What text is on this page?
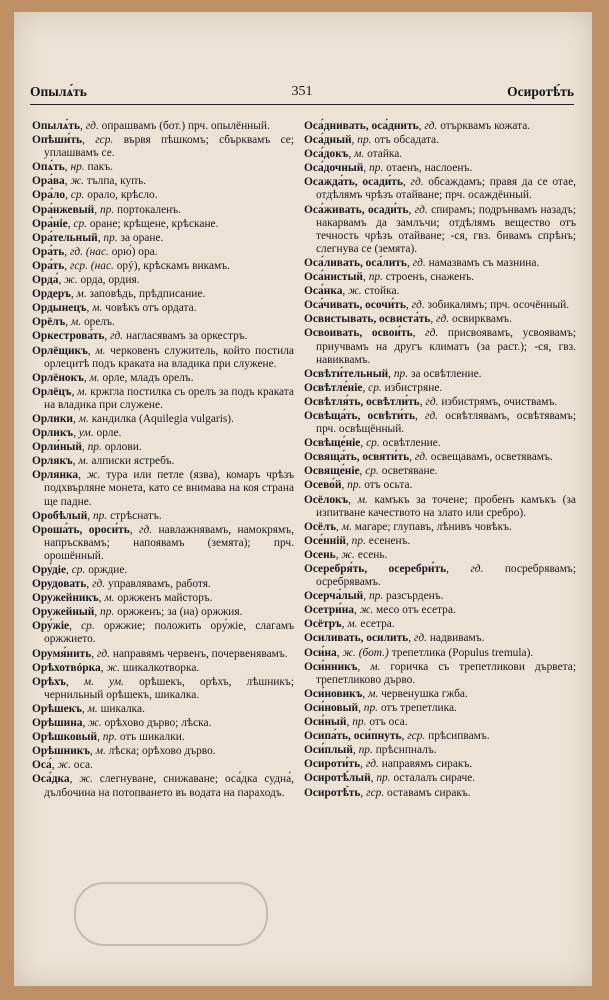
Опылѧ́ть	351	Осиротѣ́ть
Опылѧ́ть, гд. опрашвамъ (бот.) прч. опылённый.
Опѣши́ть, гср. вървя пѣшкомъ; сбърквамъ се; уплашвамъ се.
Опѧ́ть, нр. пакъ.
Ора́ва, ж. тълпа, купъ.
Ора́ло, ср. орало, крѣсло.
Ора́нжевый, пр. портокаленъ.
Ора́ніе, ср. оране; крѣщене, крѣскане.
Ора́тельный, пр. за оране.
Ора́ть, гд. (нас. орю́) ора.
Ора́ть, гср. (нас. орý), крѣскамъ викамъ.
Орда́, ж. орда, ордия.
Ордеръ, м. заповѣдь, прѣдписание.
Ордынецъ, м. човѣкъ отъ ордата.
Орёлъ, м. орелъ.
Оркестрова́ть, гд. нагласявамъ за оркестръ.
Орлёщикъ, м. черковенъ служитель, който постила орлецитѣ подъ краката на владика при служене.
Орлёнокъ, м. орле, младъ орелъ.
Орлёцъ, м. кржгла постилка съ орелъ за подъ краката на владика при служене.
Орлики, м. кандилка (Aquilegia vulgaris).
Орликъ, ум. орле.
Орли́ный, пр. орлови.
Орлякъ, м. алписки ястребъ.
Орлянка, ж. тура или петле (язва), комаръ чрѣзъ подхвърляне монета, като се внимава на коя страна ще падне.
Оробѣлый, пр. стрѣснатъ.
Ороша́ть, ороси́ть, гд. навлажнявамъ, намокрямъ, напръсквамъ; напоявамъ (земята); прч. орошённый.
Ору́діе, ср. орждие.
Орудовать, гд. управлявамъ, работя.
Оружейникъ, м. оржженъ майсторъ.
Оружейный, пр. оржженъ; за (на) оржжия.
Ору́жіе, ср. оржжие; положить ору́жіе, слагамъ оржжието.
Орумя́нить, гд. направямъ червенъ, почервенявамъ.
Орѣхотвóрка, ж. шикалкотворка.
Орѣхъ, м. ум. орѣшекъ, орѣхъ, лѣшникъ; чернильный орѣшекъ, шикалка.
Орѣшекъ, м. шикалка.
Орѣшина, ж. орѣхово дърво; лѣска.
Орѣшковый, пр. отъ шикалки.
Орѣшникъ, м. лѣска; орѣхово дърво.
Оса́, ж. оса.
Оса́дка, ж. слегнуване, снижаване; оса́дка судна́, дълбочина на потопването въ водата на параходъ.
Оса́днивать, оса́днить, гд. отърквамъ кожата.
Оса́дный, пр. отъ обсадата.
Оса́докъ, м. отайка.
Оса́дочный, пр. отаенъ, наслоенъ.
Осажда́ть, осади́ть, гд. обсаждамъ; правя да се отае, отдѣлямъ чрѣзъ отайване; прч. осаждённый.
Оса́живать, осади́ть, гд. спирамъ; подрънвамъ назадъ; накарвамъ да замлъчи; отдѣлямъ вещество отъ течность чрѣзъ отайване; -ся, гвз. бивамъ спрѣнъ; слегнува се (земята).
Оса́ливать, оса́лить, гд. намазвамъ съ мазнина.
Оса́нистый, пр. строенъ, снаженъ.
Оса́нка, ж. стойка.
Оса́чивать, осочи́ть, гд. зобикалямъ; прч. осочённый.
Освистывать, освиста́ть, гд. освирквамъ.
Освоивать, освои́ть, гд. присвоявамъ, усвоявамъ; приучвамъ на другъ климатъ (за раст.); -ся, гвз. навиквамъ.
Освѣти́тельный, пр. за освѣтление.
Освѣтле́ніе, ср. избистряне.
Освѣтля́ть, освѣтли́ть, гд. избистрямъ, очиствамъ.
Освѣща́ть, освѣти́ть, гд. освѣтлявамъ, освѣтявамъ; прч. освѣщённый.
Освѣще́ніе, ср. освѣтление.
Освяща́ть, освяти́ть, гд. освещавамъ, осветявамъ.
Освяще́ніе, ср. осветяване.
Осево́й, пр. отъ осьта.
Осёлокъ, м. камъкъ за точене; пробенъ камъкъ (за изпитване качеството на злато или сребро).
Осёлъ, м. магаре; глупавъ, лѣнивъ човѣкъ.
Осе́нній, пр. есененъ.
Осень, ж. есень.
Осеребря́ть, осеребри́ть, гд. посребрявамъ; осребрявамъ.
Осерча́лый, пр. разсърденъ.
Осетри́на, ж. месо отъ есетра.
Осётръ, м. есетра.
Осиливать, осилить, гд. надвивамъ.
Оси́на, ж. (бот.) трепетлика (Populus tremula).
Оси́нникъ, м. горичка съ трепетликови дървета; трепетликово дърво.
Оси́новикъ, м. червенушка гжба.
Оси́новый, пр. отъ трепетлика.
Оси́ный, пр. отъ оса.
Осипа́ть, оси́пнуть, гср. прѣсипвамъ.
Оси́плый, пр. прѣснпналъ.
Осироти́ть, гд. направямъ сиракъ.
Осиротѣ́лый, пр. осталалъ сираче.
Осиротѣ́ть, гср. оставамъ сиракъ.
